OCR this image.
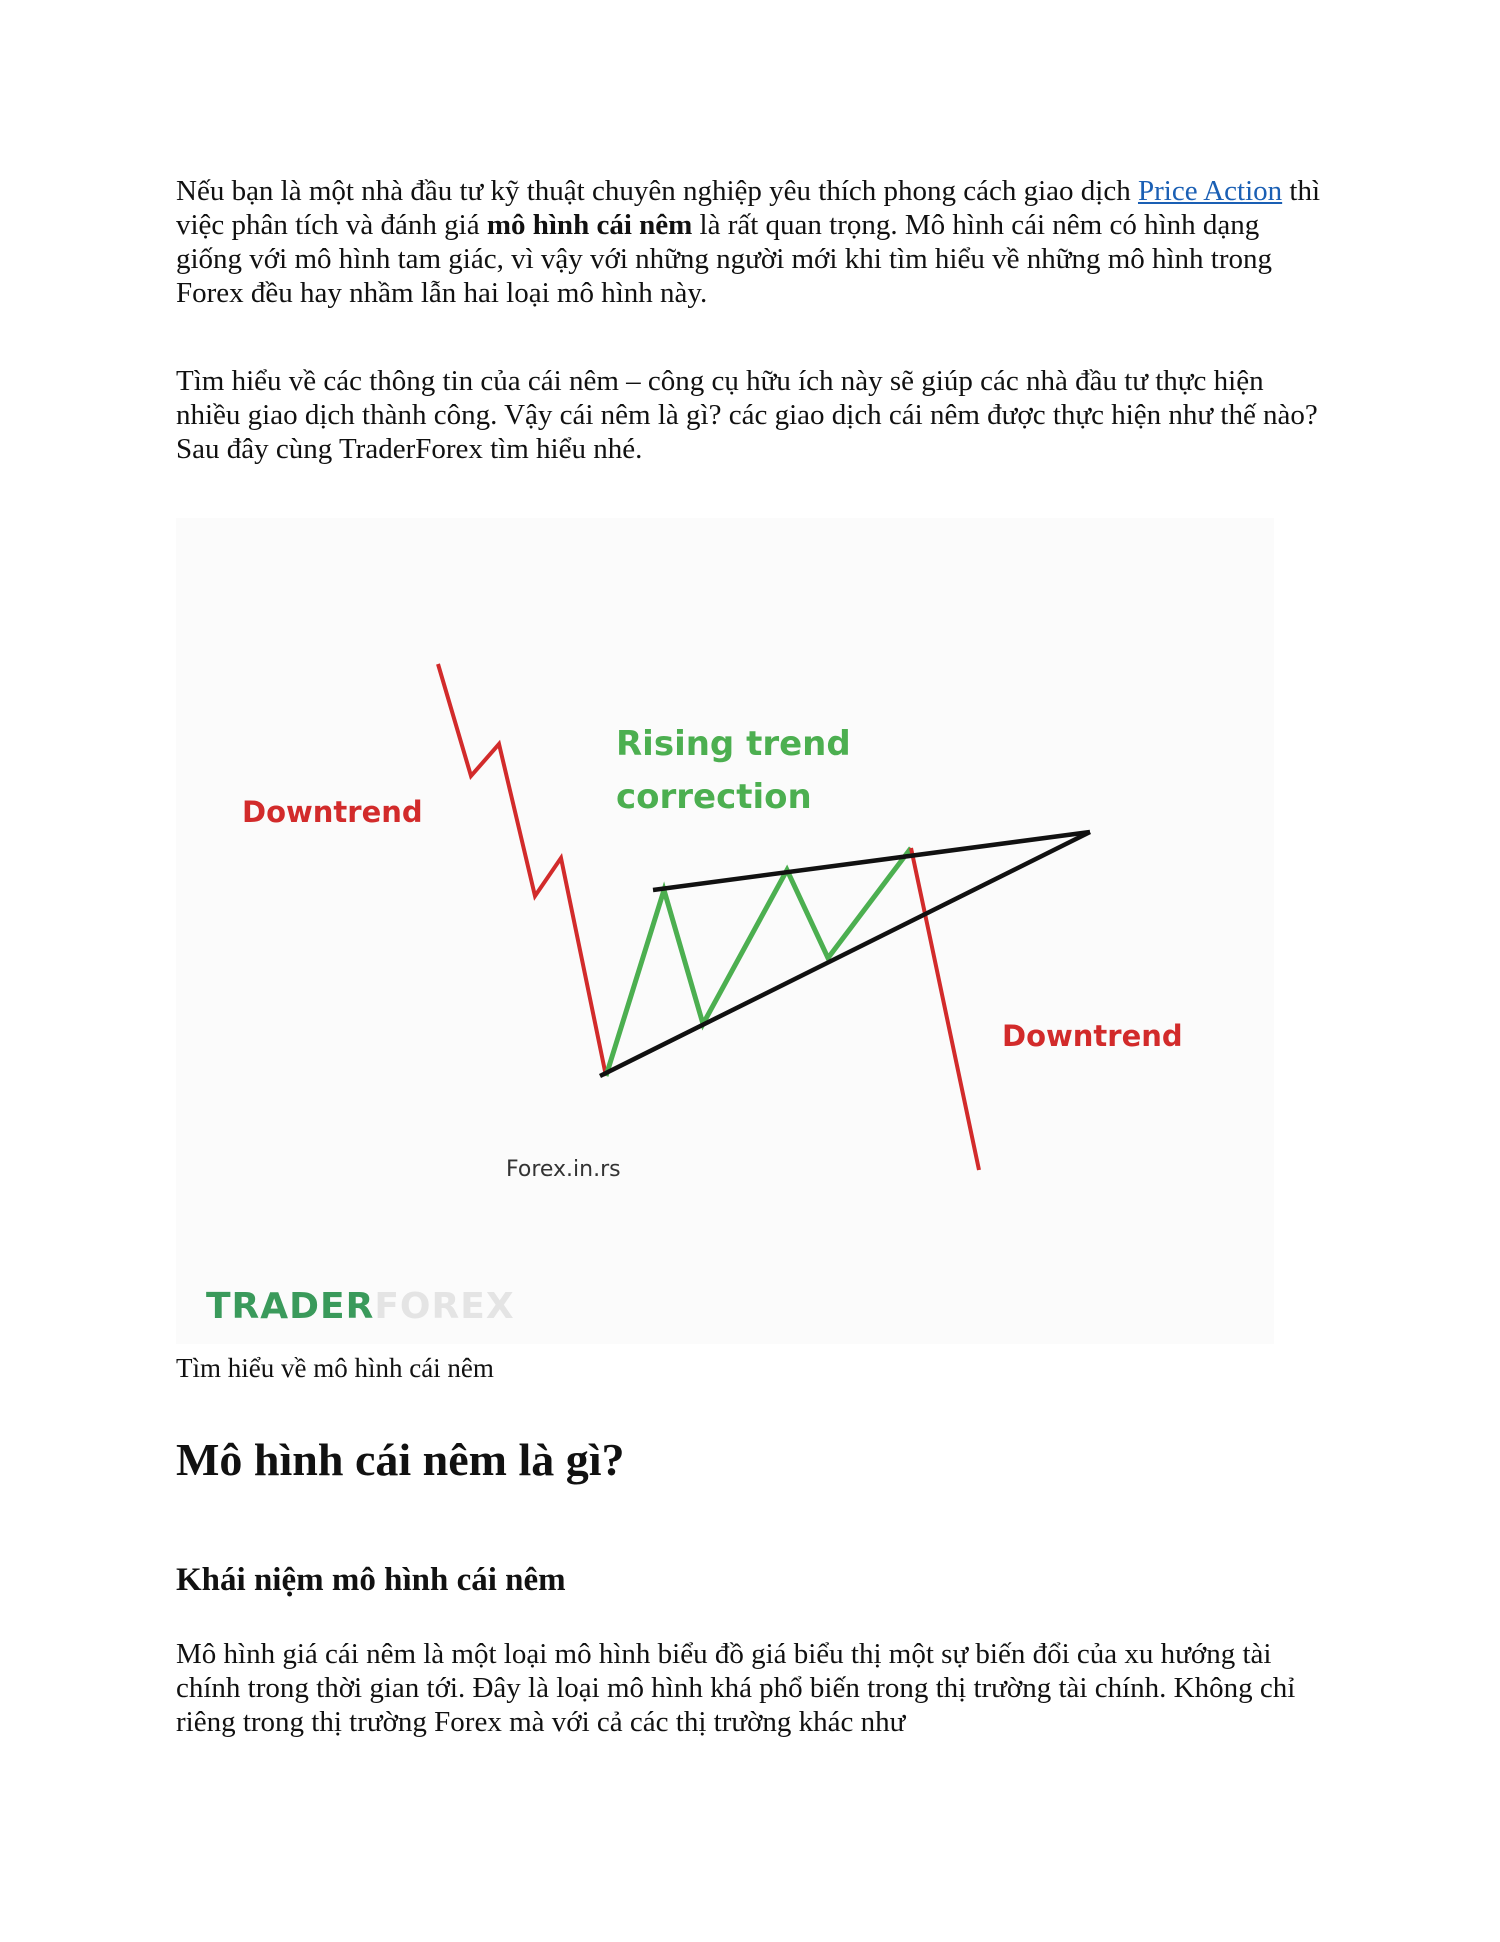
Nếu bạn là một nhà đầu tư kỹ thuật chuyên nghiệp yêu thích phong cách giao dịch Price Action thì việc phân tích và đánh giá mô hình cái nêm là rất quan trọng. Mô hình cái nêm có hình dạng giống với mô hình tam giác, vì vậy với những người mới khi tìm hiểu về những mô hình trong Forex đều hay nhầm lẫn hai loại mô hình này.

Tìm hiểu về các thông tin của cái nêm – công cụ hữu ích này sẽ giúp các nhà đầu tư thực hiện nhiều giao dịch thành công. Vậy cái nêm là gì? các giao dịch cái nêm được thực hiện như thế nào? Sau đây cùng TraderForex tìm hiểu nhé.

Downtrend
Rising trend
correction
Downtrend
Forex.in.rs
TRADERFOREX

Tìm hiểu về mô hình cái nêm

Mô hình cái nêm là gì?
Khái niệm mô hình cái nêm

Mô hình giá cái nêm là một loại mô hình biểu đồ giá biểu thị một sự biến đổi của xu hướng tài chính trong thời gian tới. Đây là loại mô hình khá phổ biến trong thị trường tài chính. Không chỉ riêng trong thị trường Forex mà với cả các thị trường khác như
